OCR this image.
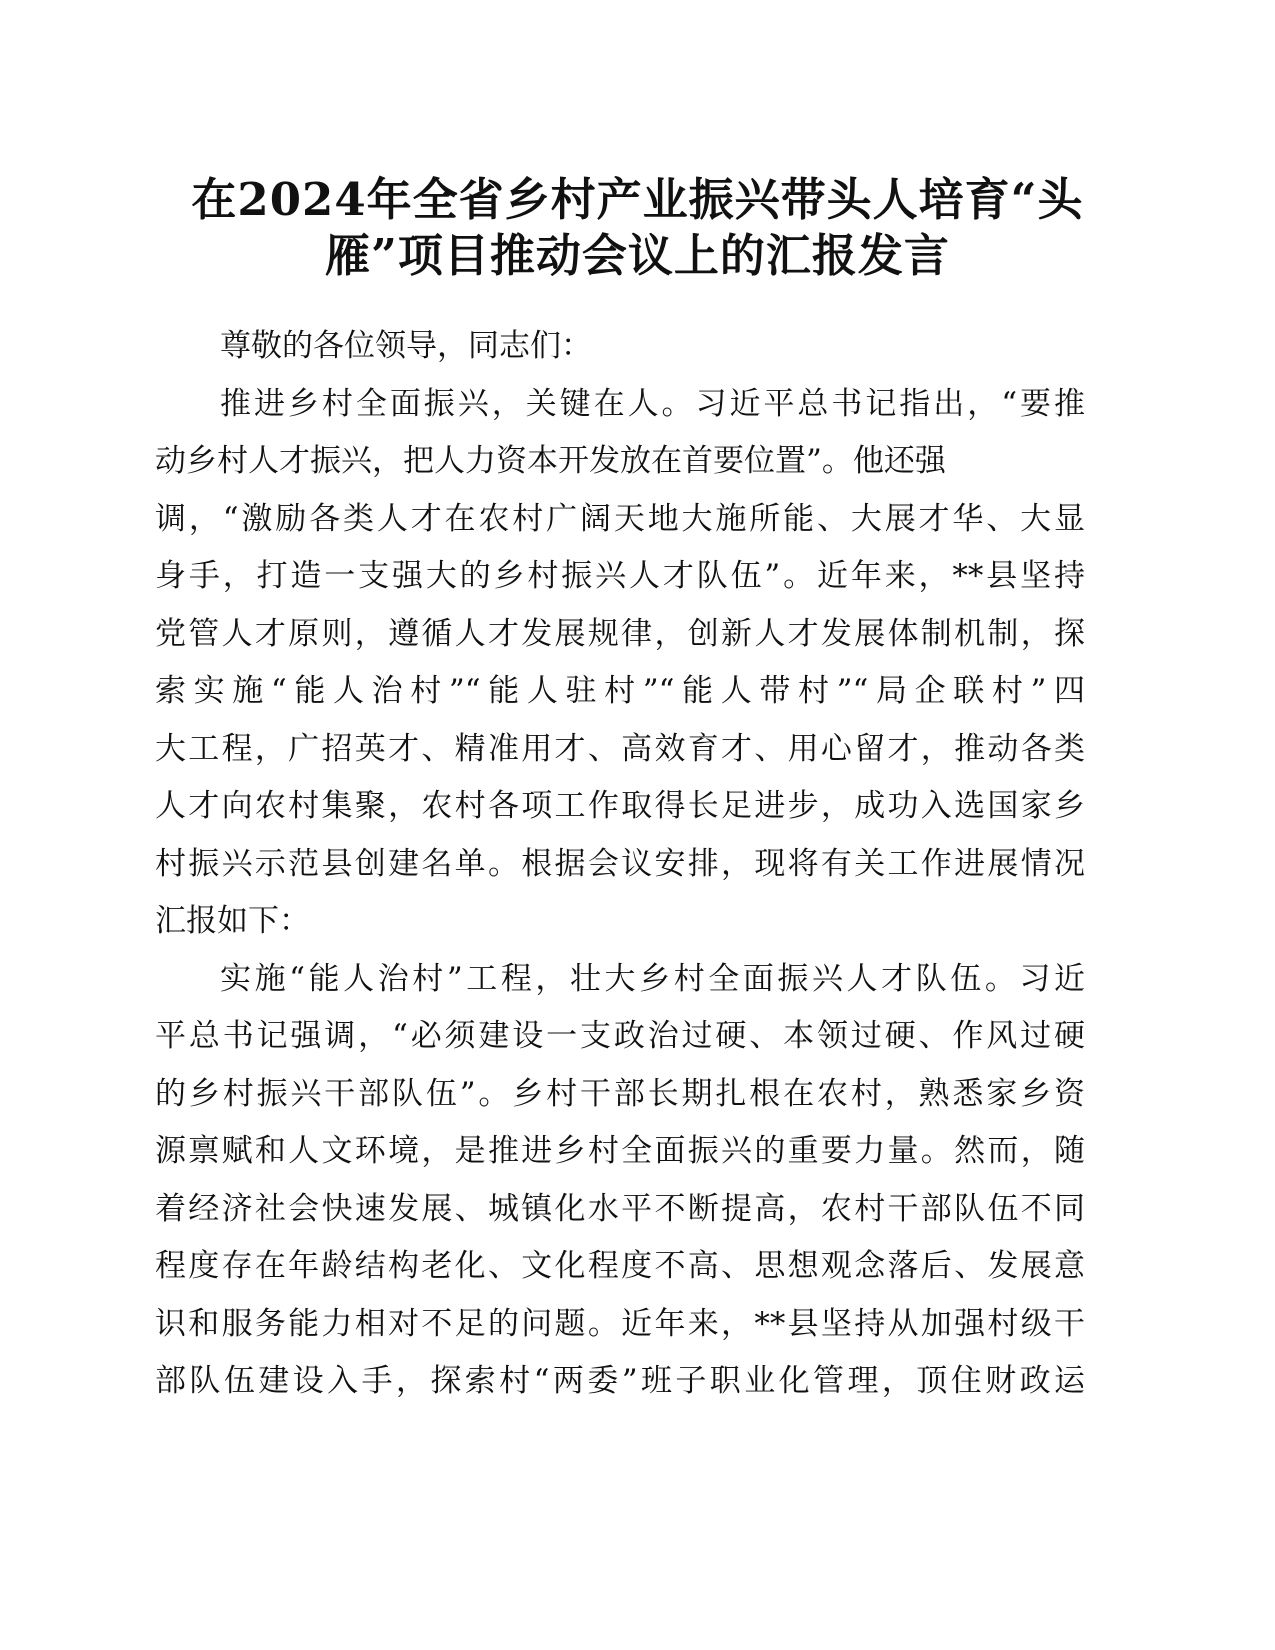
在2024年全省乡村产业振兴带头人培育“头
雁”项目推动会议上的汇报发言
尊敬的各位领导，同志们：
推进乡村全面振兴，关键在人。习近平总书记指出，“要推
动乡村人才振兴，把人力资本开发放在首要位置”。他还强
调，“激励各类人才在农村广阔天地大施所能、大展才华、大显
身手，打造一支强大的乡村振兴人才队伍”。近年来，**县坚持
党管人才原则，遵循人才发展规律，创新人才发展体制机制，探
索实施“能人治村”“能人驻村”“能人带村”“局企联村”四
大工程，广招英才、精准用才、高效育才、用心留才，推动各类
人才向农村集聚，农村各项工作取得长足进步，成功入选国家乡
村振兴示范县创建名单。根据会议安排，现将有关工作进展情况
汇报如下：
实施“能人治村”工程，壮大乡村全面振兴人才队伍。习近
平总书记强调，“必须建设一支政治过硬、本领过硬、作风过硬
的乡村振兴干部队伍”。乡村干部长期扎根在农村，熟悉家乡资
源禀赋和人文环境，是推进乡村全面振兴的重要力量。然而，随
着经济社会快速发展、城镇化水平不断提高，农村干部队伍不同
程度存在年龄结构老化、文化程度不高、思想观念落后、发展意
识和服务能力相对不足的问题。近年来，**县坚持从加强村级干
部队伍建设入手，探索村“两委”班子职业化管理，顶住财政运
